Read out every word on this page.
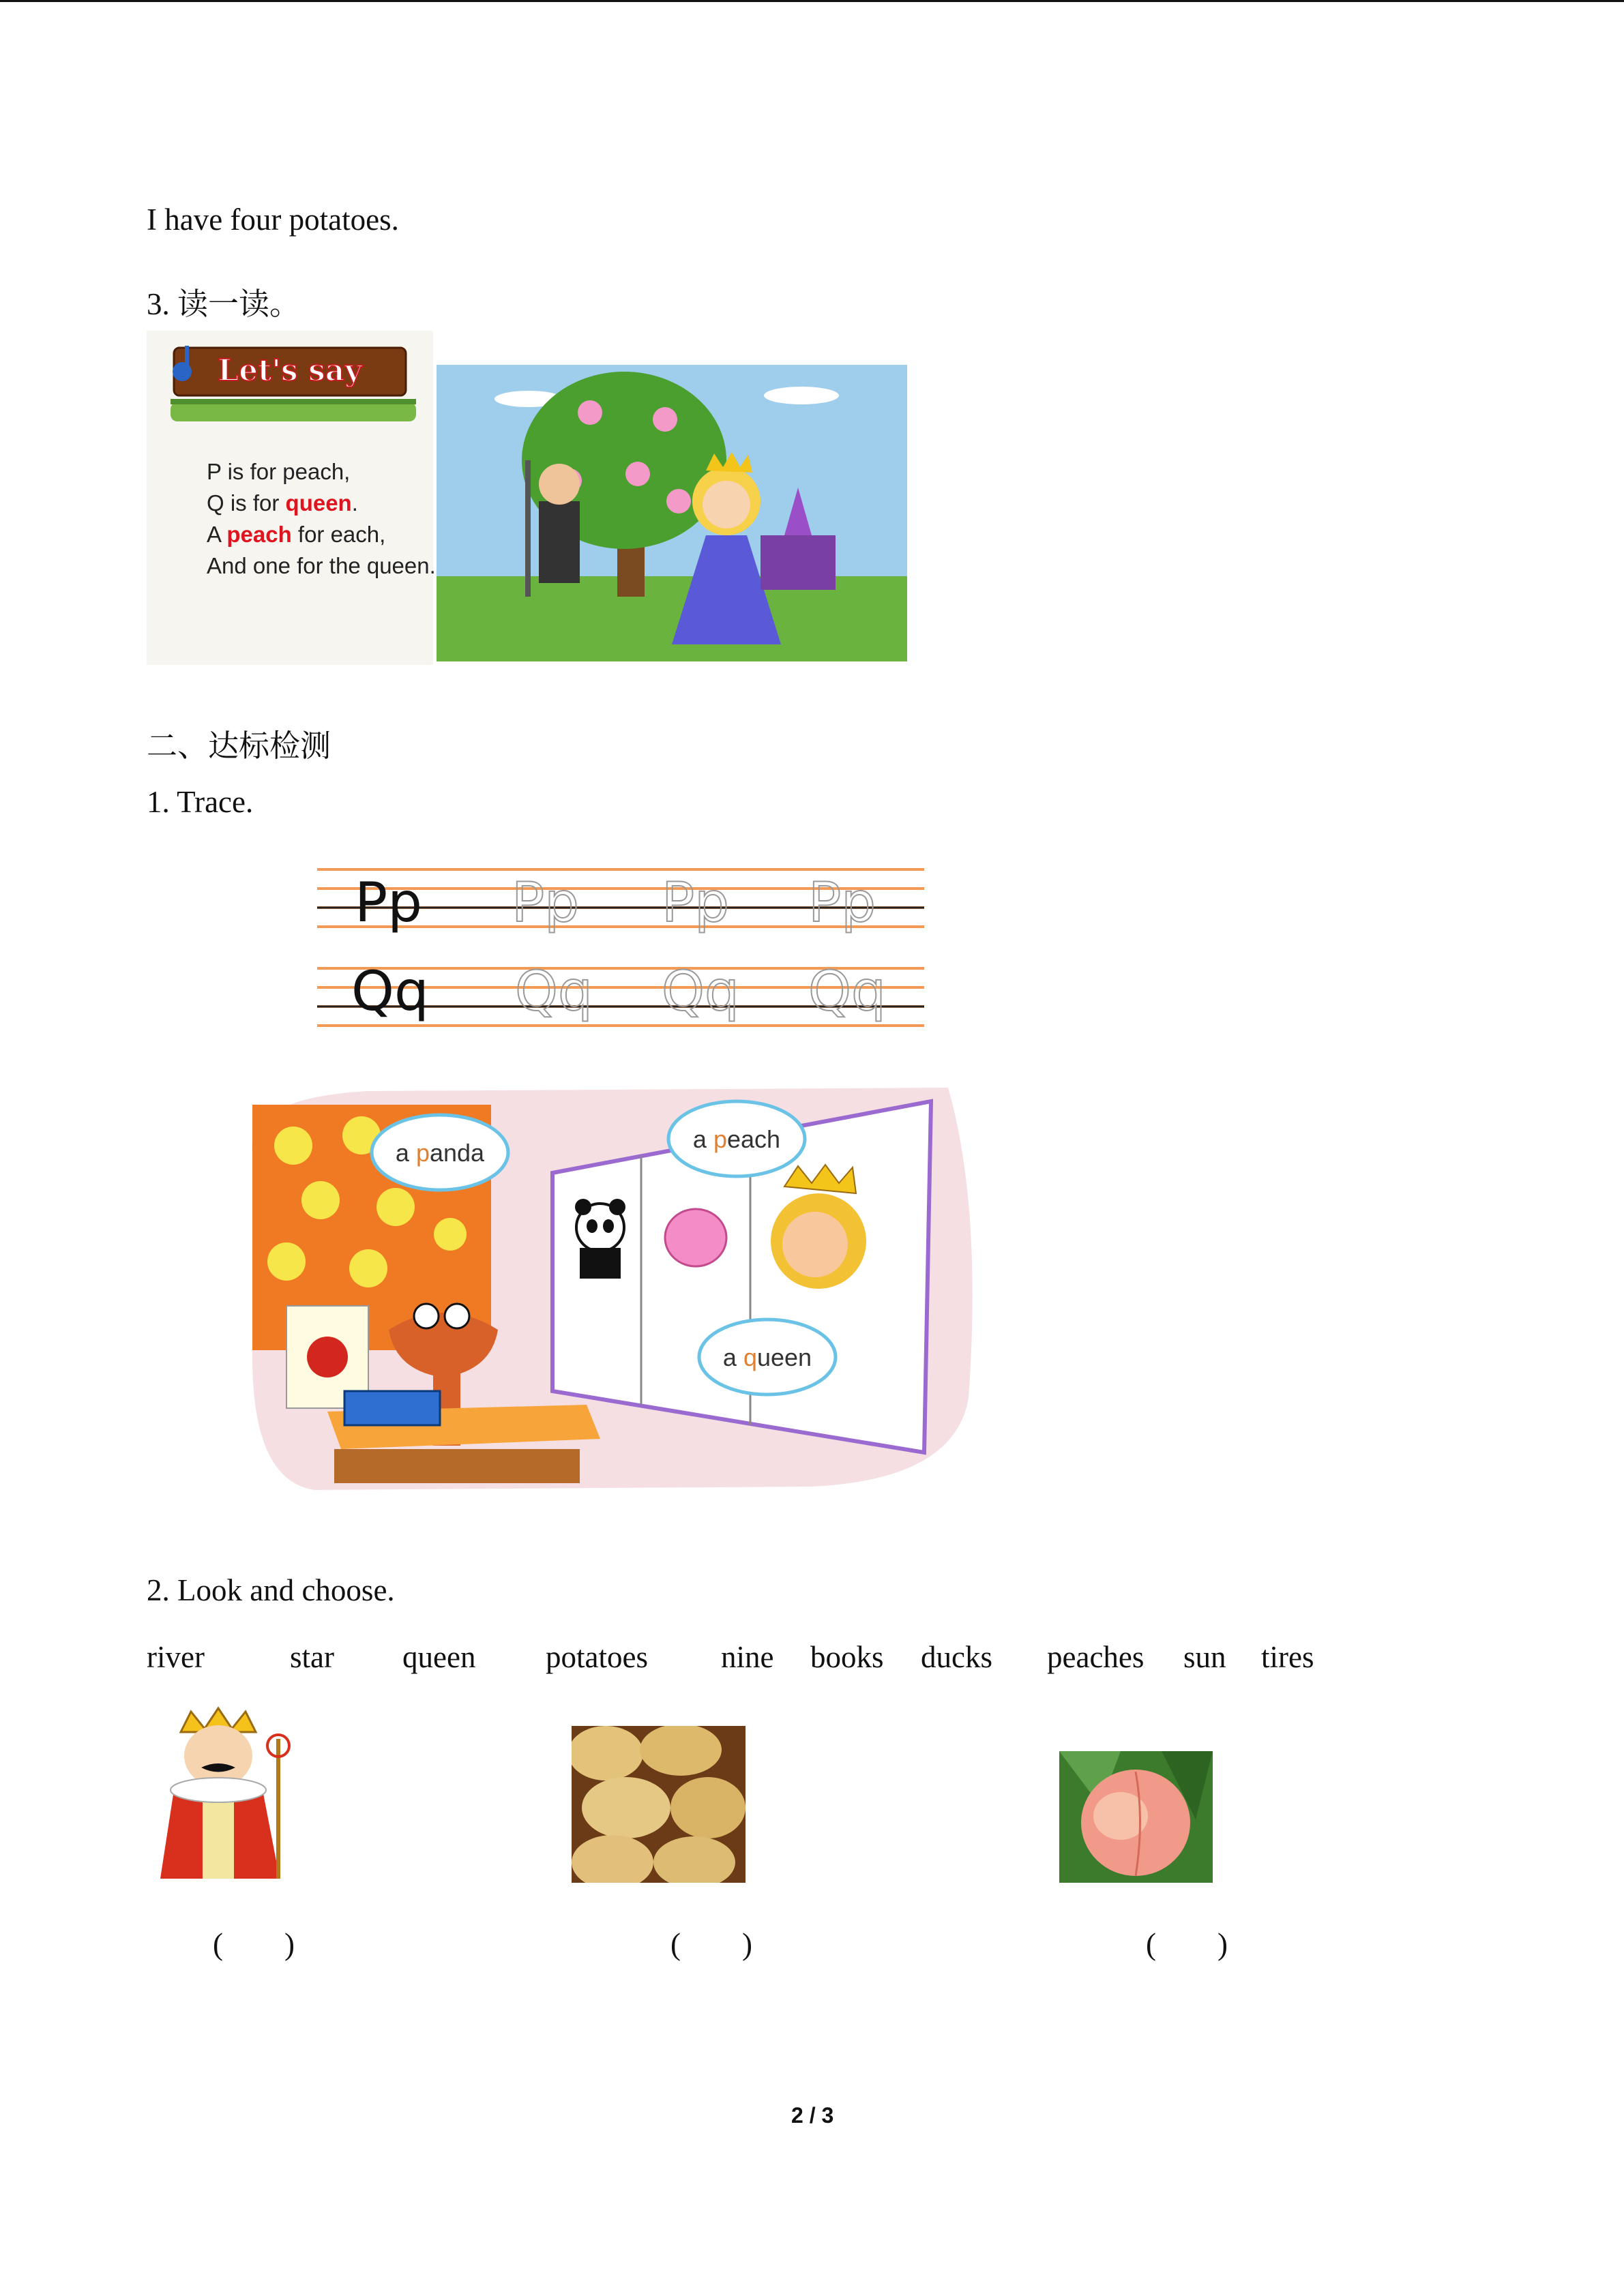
I have four potatoes.
3. 读一读。
Let's say
P is for peach,
Q is for queen.
A peach for each,
And one for the queen.
二、达标检测
1. Trace.
Pp Pp Pp Pp
Qq Qq Qq Qq
a panda	a peach
a queen
2. Look and choose.
river	star queen potatoes nine books ducks peaches sun tires
(　　)	(　　)	(　　)
2 / 3
